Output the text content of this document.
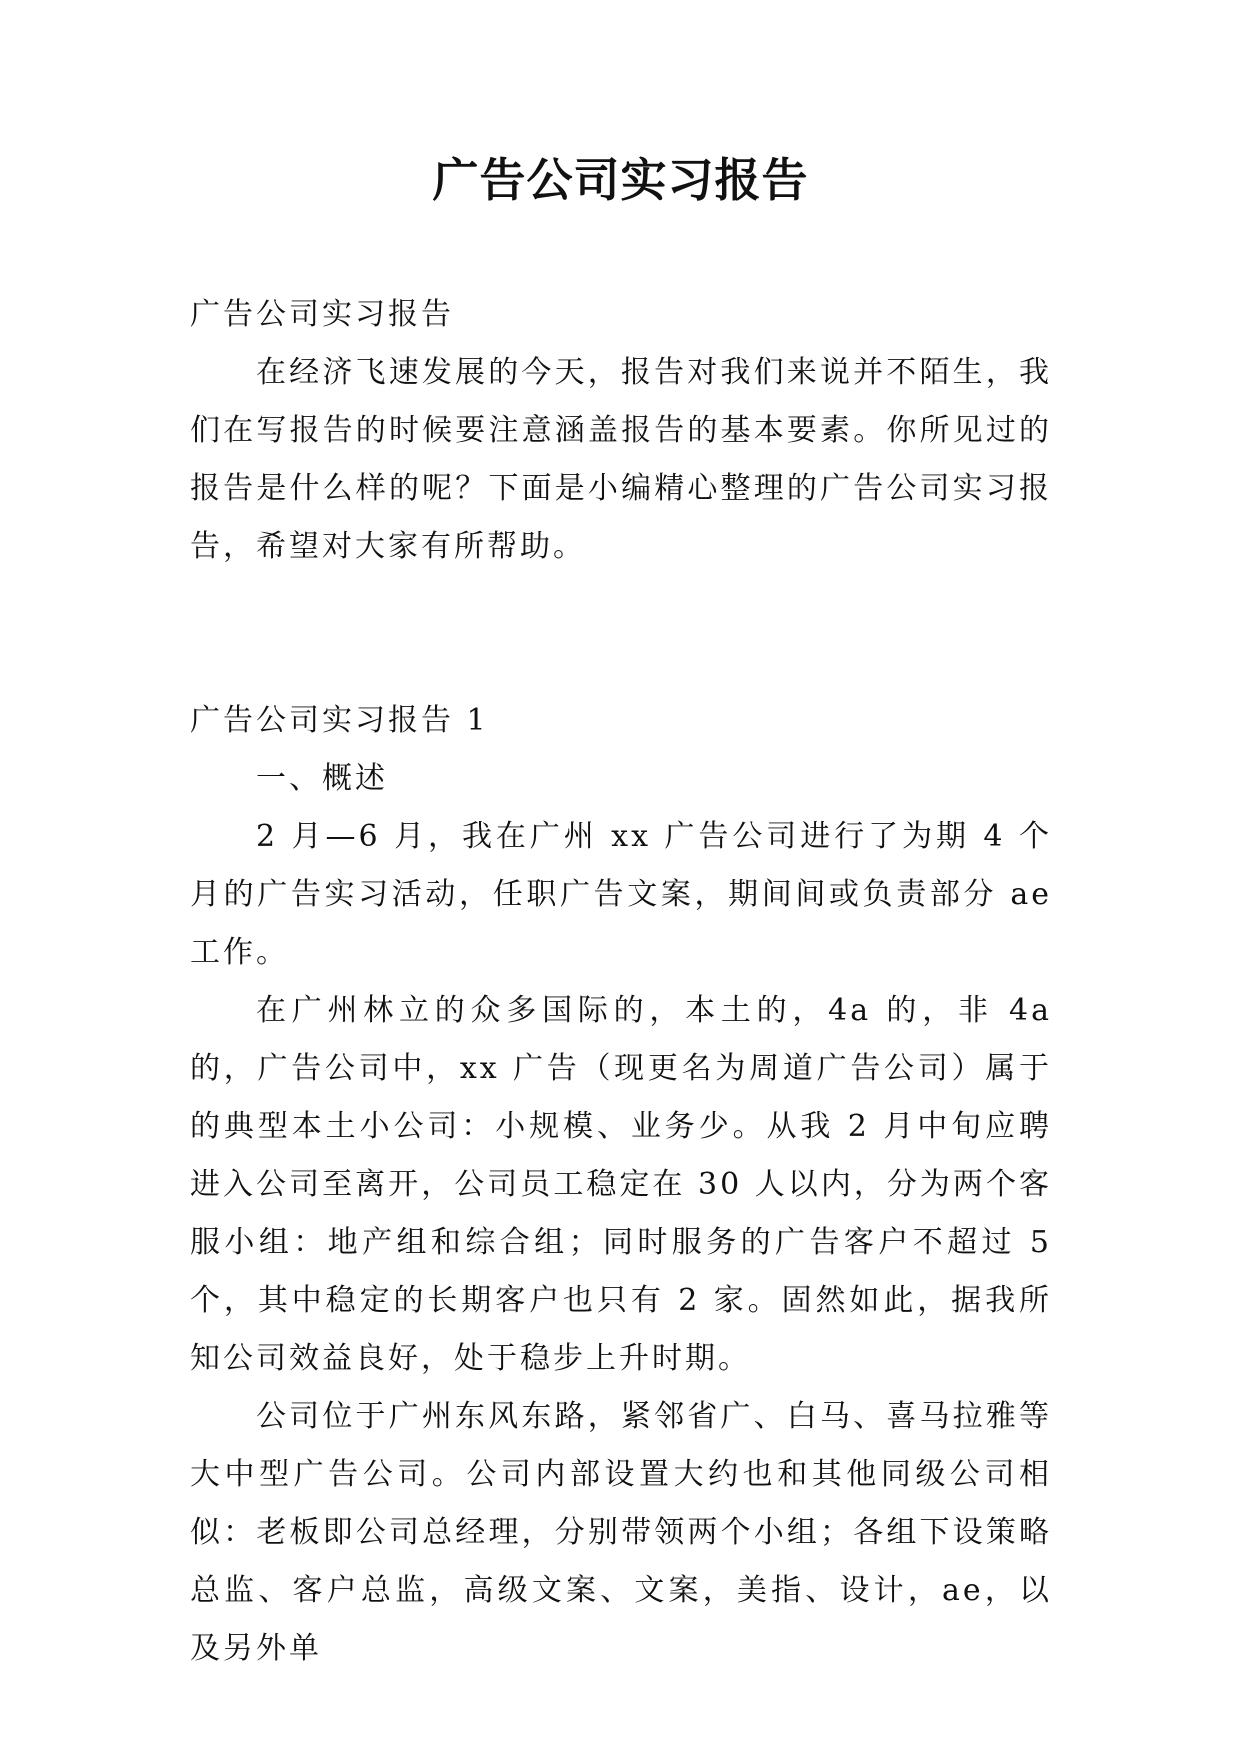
广告公司实习报告

广告公司实习报告

在经济飞速发展的今天，报告对我们来说并不陌生，我们在写报告的时候要注意涵盖报告的基本要素。你所见过的报告是什么样的呢？下面是小编精心整理的广告公司实习报告，希望对大家有所帮助。

广告公司实习报告 1

一、概述

2 月—6 月，我在广州 xx 广告公司进行了为期 4 个月的广告实习活动，任职广告文案，期间间或负责部分 ae 工作。

在广州林立的众多国际的，本土的，4a 的，非 4a 的，广告公司中，xx 广告（现更名为周道广告公司）属于的典型本土小公司：小规模、业务少。从我 2 月中旬应聘进入公司至离开，公司员工稳定在 30 人以内，分为两个客服小组：地产组和综合组；同时服务的广告客户不超过 5 个，其中稳定的长期客户也只有 2 家。固然如此，据我所知公司效益良好，处于稳步上升时期。

公司位于广州东风东路，紧邻省广、白马、喜马拉雅等大中型广告公司。公司内部设置大约也和其他同级公司相似：老板即公司总经理，分别带领两个小组；各组下设策略总监、客户总监，高级文案、文案，美指、设计，ae，以及另外单
